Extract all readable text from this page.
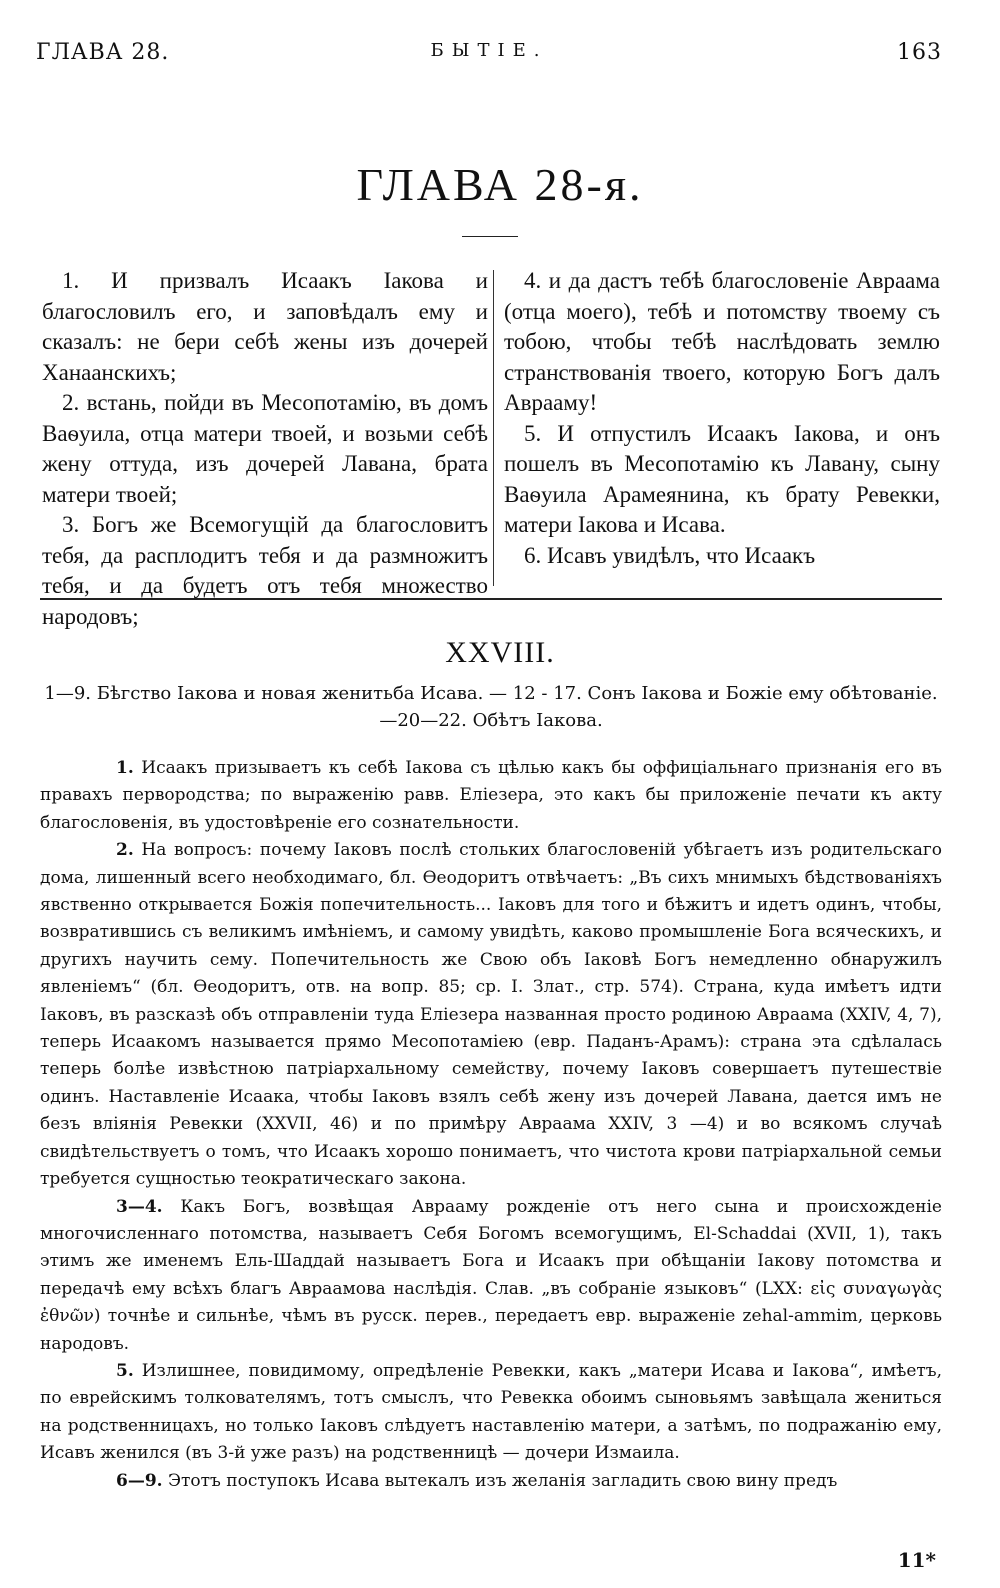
ГЛАВА 28.	БЫТІЕ.	163
ГЛАВА 28-я.

1. И призвалъ Исаакъ Іакова и благословилъ его, и заповѣдалъ ему и сказалъ: не бери себѣ жены изъ дочерей Ханаанскихъ;

2. встань, пойди въ Месопотамію, въ домъ Ваѳуила, отца матери твоей, и возьми себѣ жену оттуда, изъ дочерей Лавана, брата матери твоей;

3. Богъ же Всемогущій да благословитъ тебя, да расплодитъ тебя и да размножитъ тебя, и да будетъ отъ тебя множество народовъ;

4. и да дастъ тебѣ благословеніе Авраама (отца моего), тебѣ и потомству твоему съ тобою, чтобы тебѣ наслѣдовать землю странствованія твоего, которую Богъ далъ Аврааму!

5. И отпустилъ Исаакъ Іакова, и онъ пошелъ въ Месопотамію къ Лавану, сыну Ваѳуила Арамеянина, къ брату Ревекки, матери Іакова и Исава.

6. Исавъ увидѣлъ, что Исаакъ

XXVIII.
1—9. Бѣгство Іакова и новая женитьба Исава. — 12 - 17. Сонъ Іакова и Божіе ему обѣтованіе.—20—22. Обѣтъ Іакова.

1. Исаакъ призываетъ къ себѣ Іакова съ цѣлью какъ бы оффиціальнаго признанія его въ правахъ первородства; по выраженію равв. Еліезера, это какъ бы приложеніе печати къ акту благословенія, въ удостовѣреніе его сознательности.

2. На вопросъ: почему Іаковъ послѣ стольких благословеній убѣгаетъ изъ родительскаго дома, лишенный всего необходимаго, бл. Ѳеодоритъ отвѣчаетъ: „Въ сихъ мнимыхъ бѣдствованіяхъ явственно открывается Божія попечительность... Іаковъ для того и бѣжитъ и идетъ одинъ, чтобы, возвратившись съ великимъ имѣніемъ, и самому увидѣть, каково промышленіе Бога всяческихъ, и другихъ научить сему. Попечительность же Свою объ Іаковѣ Богъ немедленно обнаружилъ явленіемъ“ (бл. Ѳеодоритъ, отв. на вопр. 85; ср. I. Злат., стр. 574). Страна, куда имѣетъ идти Іаковъ, въ разсказѣ объ отправленіи туда Еліезера названная просто родиною Авраама (XXIV, 4, 7), теперь Исаакомъ называется прямо Месопотаміею (евр. Паданъ-Арамъ): страна эта сдѣлалась теперь болѣе извѣстною патріархальному семейству, почему Іаковъ совершаетъ путешествіе одинъ. Наставленіе Исаака, чтобы Іаковъ взялъ себѣ жену изъ дочерей Лавана, дается имъ не безъ вліянія Ревекки (XXVII, 46) и по примѣру Авраама XXIV, 3 —4) и во всякомъ случаѣ свидѣтельствуетъ о томъ, что Исаакъ хорошо понимаетъ, что чистота крови патріархальной семьи требуется сущностью теократическаго закона.

3—4. Какъ Богъ, возвѣщая Аврааму рожденіе отъ него сына и происхожденіе многочисленнаго потомства, называетъ Себя Богомъ всемогущимъ, El-Schaddai (XVII, 1), такъ этимъ же именемъ Ель-Шаддай называетъ Бога и Исаакъ при обѣщаніи Іакову потомства и передачѣ ему всѣхъ благъ Авраамова наслѣдія. Слав. „въ собраніе языковъ“ (LXX: εἰς συναγωγὰς ἐθνῶν) точнѣе и сильнѣе, чѣмъ въ русск. перев., передаетъ евр. выраженіе zehal-ammim, церковь народовъ.

5. Излишнее, повидимому, опредѣленіе Ревекки, какъ „матери Исава и Іакова“, имѣетъ, по еврейскимъ толкователямъ, тотъ смыслъ, что Ревекка обоимъ сыновьямъ завѣщала жениться на родственницахъ, но только Іаковъ слѣдуетъ наставленію матери, а затѣмъ, по подражанію ему, Исавъ женился (въ 3-й уже разъ) на родственницѣ — дочери Измаила.

6—9. Этотъ поступокъ Исава вытекалъ изъ желанія загладить свою вину предъ

11*
